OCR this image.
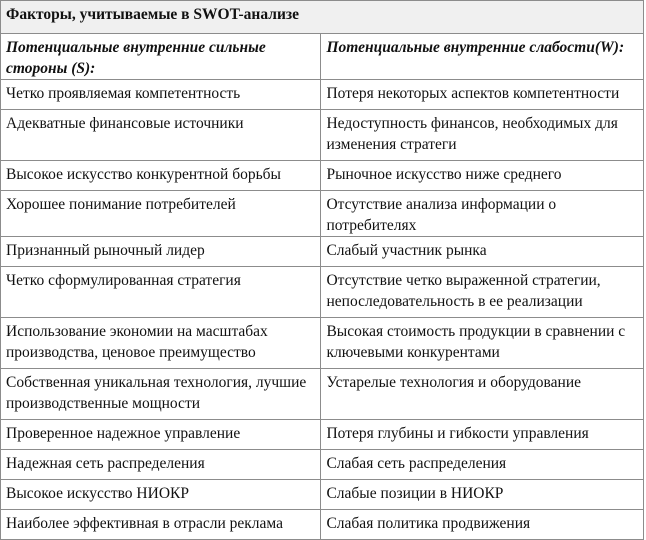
Факторы, учитываемые в SWOT-анализе	
Потенциальные внутренние сильные стороны (S):	Потенциальные внутренние слабости(W):
Четко проявляемая компетентность	Потеря некоторых аспектов компетентности
Адекватные финансовые источники	Недоступность финансов, необходимых для изменения стратеги
Высокое искусство конкурентной борьбы	Рыночное искусство ниже среднего
Хорошее понимание потребителей	Отсутствие анализа информации о потребителях
Признанный рыночный лидер	Слабый участник рынка
Четко сформулированная стратегия	Отсутствие четко выраженной стратегии, непоследовательность в ее реализации
Использование экономии на масштабах производства, ценовое преимущество	Высокая стоимость продукции в сравнении с ключевыми конкурентами
Собственная уникальная технология, лучшие производственные мощности	Устарелые технология и оборудование
Проверенное надежное управление	Потеря глубины и гибкости управления
Надежная сеть распределения	Слабая сеть распределения
Высокое искусство НИОКР	Слабые позиции в НИОКР
Наиболее эффективная в отрасли реклама	Слабая политика продвижения
